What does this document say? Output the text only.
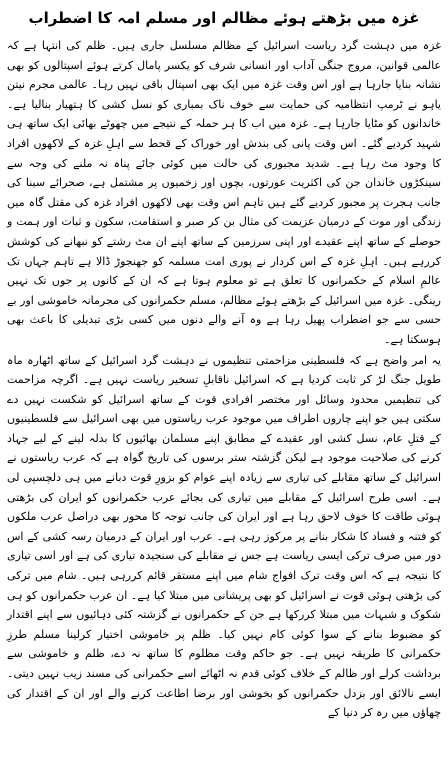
غزہ میں بڑھتے ہوئے مظالم اور مسلم امہ کا اضطراب

غزہ میں دہشت گرد ریاست اسرائیل کے مظالم مسلسل جاری ہیں۔ ظلم کی انتہا ہے کہ عالمی قوانین، مروج جنگی آداب اور انسانی شرف کو یکسر پامال کرتے ہوئے اسپتالوں کو بھی نشانہ بنایا جارہا ہے اور اس وقت غزہ میں ایک بھی اسپتال باقی نہیں رہا۔ عالمی مجرم نیتن یاہو نے ٹرمپ انتظامیہ کی حمایت سے خوف ناک بمباری کو نسل کشی کا ہتھیار بنالیا ہے۔ خاندانوں کو مٹایا جارہا ہے۔ غزہ میں اب کا ہر حملہ کے نتیجے میں چھوٹے بھائی ایک ساتھ ہی شہید کردیے گئے۔ اس وقت پانی کی بندش اور خوراک کے قحط سے اہلِ غزہ کے لاکھوں افراد کا وجود مٹ رہا ہے۔ شدید مجبوری کی حالت میں کوئی جائے پناہ نہ ملنے کی وجہ سے سینکڑوں خاندان جن کی اکثریت عورتوں، بچوں اور زخمیوں پر مشتمل ہے، صحرائے سینا کی جانب ہجرت پر مجبور کردیے گئے ہیں تاہم اس وقت بھی لاکھوں افراد غزہ کی مقتل گاہ میں زندگی اور موت کے درمیان عزیمت کی مثال بن کر صبر و استقامت، سکون و ثبات اور ہمت و حوصلے کے ساتھ اپنے عقیدے اور اپنی سرزمین کے ساتھ اپنے ان مٹ رشتے کو نبھانے کی کوشش کررہے ہیں۔ اہلِ غزہ کے اس کردار نے پوری امت مسلمہ کو جھنجوڑ ڈالا ہے تاہم جہاں تک عالمِ اسلام کے حکمرانوں کا تعلق ہے تو معلوم ہوتا ہے کہ ان کے کانوں پر جوں تک نہیں رینگی۔ غزہ میں اسرائیل کے بڑھتے ہوئے مظالم، مسلم حکمرانوں کی مجرمانہ خاموشی اور بے حسی سے جو اضطراب پھیل رہا ہے وہ آنے والے دنوں میں کسی بڑی تبدیلی کا باعث بھی ہوسکتا ہے۔

یہ امر واضح ہے کہ فلسطینی مزاحمتی تنظیموں نے دہشت گرد اسرائیل کے ساتھ اٹھارہ ماہ طویل جنگ لڑ کر ثابت کردیا ہے کہ اسرائیل ناقابلِ تسخیر ریاست نہیں ہے۔ اگرچہ مزاحمت کی تنظیمیں محدود وسائل اور مختصر افرادی قوت کے ساتھ اسرائیل کو شکست نہیں دے سکتی ہیں جو اپنے چاروں اطراف میں موجود عرب ریاستوں میں بھی اسرائیل سے فلسطینیوں کے قتلِ عام، نسل کشی اور عقیدے کے مطابق اپنے مسلمان بھائیوں کا بدلہ لینے کے لیے جہاد کرنے کی صلاحیت موجود ہے لیکن گزشتہ ستر برسوں کی تاریخ گواہ ہے کہ عرب ریاستوں نے اسرائیل کے ساتھ مقابلے کی تیاری سے زیادہ اپنے عوام کو بزورِ قوت دبانے میں ہی دلچسپی لی ہے۔ اسی طرح اسرائیل کے مقابلے میں تیاری کی بجائے عرب حکمرانوں کو ایران کی بڑھتی ہوئی طاقت کا خوف لاحق رہا ہے اور ایران کی جانب توجہ کا محور بھی دراصل عرب ملکوں کو فتنہ و فساد کا شکار بنانے پر مرکوز رہی ہے۔ عرب اور ایران کے درمیان رسہ کشی کے اس دور میں صرف ترکی ایسی ریاست ہے جس نے مقابلے کی سنجیدہ تیاری کی ہے اور اسی تیاری کا نتیجہ ہے کہ اس وقت ترک افواج شام میں اپنے مستقر قائم کررہی ہیں۔ شام میں ترکی کی بڑھتی ہوئی قوت نے اسرائیل کو بھی پریشانی میں مبتلا کیا ہے۔ ان عرب حکمرانوں کو ہی شکوک و شبہات میں مبتلا کررکھا ہے جن کے حکمرانوں نے گزشتہ کئی دہائیوں سے اپنے اقتدار کو مضبوط بنانے کے سوا کوئی کام نہیں کیا۔ ظلم پر خاموشی اختیار کرلینا مسلم طرزِ حکمرانی کا طریقہ نہیں ہے۔ جو حاکم وقت مظلوم کا ساتھ نہ دے، ظلم و خاموشی سے برداشت کرلے اور ظالم کے خلاف کوئی قدم نہ اٹھائے اسے حکمرانی کی مسند زیب نہیں دیتی۔ ایسے نالائق اور بزدل حکمرانوں کو بخوشی اور برضا اطاعت کرنے والے اور ان کے اقتدار کی چھاؤں میں رہ کر دنیا کے
